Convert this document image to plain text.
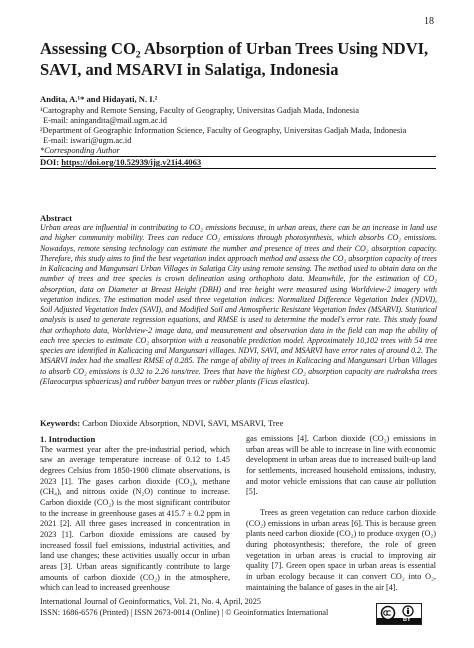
18
Assessing CO₂ Absorption of Urban Trees Using NDVI,
SAVI, and MSARVI in Salatiga, Indonesia
Andita, A.¹* and Hidayati, N. I.²
¹Cartography and Remote Sensing, Faculty of Geography, Universitas Gadjah Mada, Indonesia
E-mail: aningandita@mail.ugm.ac.id
²Department of Geographic Information Science, Faculty of Geography, Universitas Gadjah Mada, Indonesia
E-mail: iswari@ugm.ac.id
*Corresponding Author
DOI: https://doi.org/10.52939/ijg.v21i4.4063
Abstract
Urban areas are influential in contributing to CO₂ emissions because, in urban areas, there can be an increase in land use and higher community mobility. Trees can reduce CO₂ emissions through photosynthesis, which absorbs CO₂ emissions. Nowadays, remote sensing technology can estimate the number and presence of trees and their CO₂ absorption capacity. Therefore, this study aims to find the best vegetation index approach method and assess the CO₂ absorption capacity of trees in Kalicacing and Mangunsari Urban Villages in Salatiga City using remote sensing. The method used to obtain data on the number of trees and tree species is crown delineation using orthophoto data. Meanwhile, for the estimation of CO₂ absorption, data on Diameter at Breast Height (DBH) and tree height were measured using Worldview-2 imagery with vegetation indices. The estimation model used three vegetation indices: Normalized Difference Vegetation Index (NDVI), Soil Adjusted Vegetation Index (SAVI), and Modified Soil and Atmospheric Resistant Vegetation Index (MSARVI). Statistical analysis is used to generate regression equations, and RMSE is used to determine the model's error rate. This study found that orthophoto data, Worldview-2 image data, and measurement and observation data in the field can map the ability of each tree species to estimate CO₂ absorption with a reasonable prediction model. Approximately 10,102 trees with 54 tree species are identified in Kalicacing and Mangunsari villages. NDVI, SAVI, and MSARVI have error rates of around 0.2. The MSARVI index had the smallest RMSE of 0.285. The range of ability of trees in Kalicacing and Mangunsari Urban Villages to absorb CO₂ emissions is 0.32 to 2.26 tons/tree. Trees that have the highest CO₂ absorption capacity are rudraksha trees (Elaeocarpus sphaericus) and rubber banyan trees or rubber plants (Ficus elastica).
Keywords: Carbon Dioxide Absorption, NDVI, SAVI, MSARVI, Tree

1. Introduction

The warmest year after the pre-industrial period, which saw an average temperature increase of 0.12 to 1.45 degrees Celsius from 1850-1900 climate observations, is 2023 [1]. The gases carbon dioxide (CO₂), methane (CH₄), and nitrous oxide (N₂O) continue to increase. Carbon dioxide (CO₂) is the most significant contributor to the increase in greenhouse gases at 415.7 ± 0.2 ppm in 2021 [2]. All three gases increased in concentration in 2023 [1]. Carbon dioxide emissions are caused by increased fossil fuel emissions, industrial activities, and land use changes; these activities usually occur in urban areas [3]. Urban areas significantly contribute to large amounts of carbon dioxide (CO₂) in the atmosphere, which can lead to increased greenhouse

gas emissions [4]. Carbon dioxide (CO₂) emissions in urban areas will be able to increase in line with economic development in urban areas due to increased built-up land for settlements, increased household emissions, industry, and motor vehicle emissions that can cause air pollution [5].

Trees as green vegetation can reduce carbon dioxide (CO₂) emissions in urban areas [6]. This is because green plants need carbon dioxide (CO₂) to produce oxygen (O₂) during photosynthesis; therefore, the role of green vegetation in urban areas is crucial to improving air quality [7]. Green open space in urban areas is essential in urban ecology because it can convert CO₂ into O₂, maintaining the balance of gases in the air [4].

International Journal of Geoinformatics, Vol. 21, No. 4, April, 2025
ISSN: 1686-6576 (Printed) | ISSN 2673-0014 (Online) | © Geoinformatics International
BY
